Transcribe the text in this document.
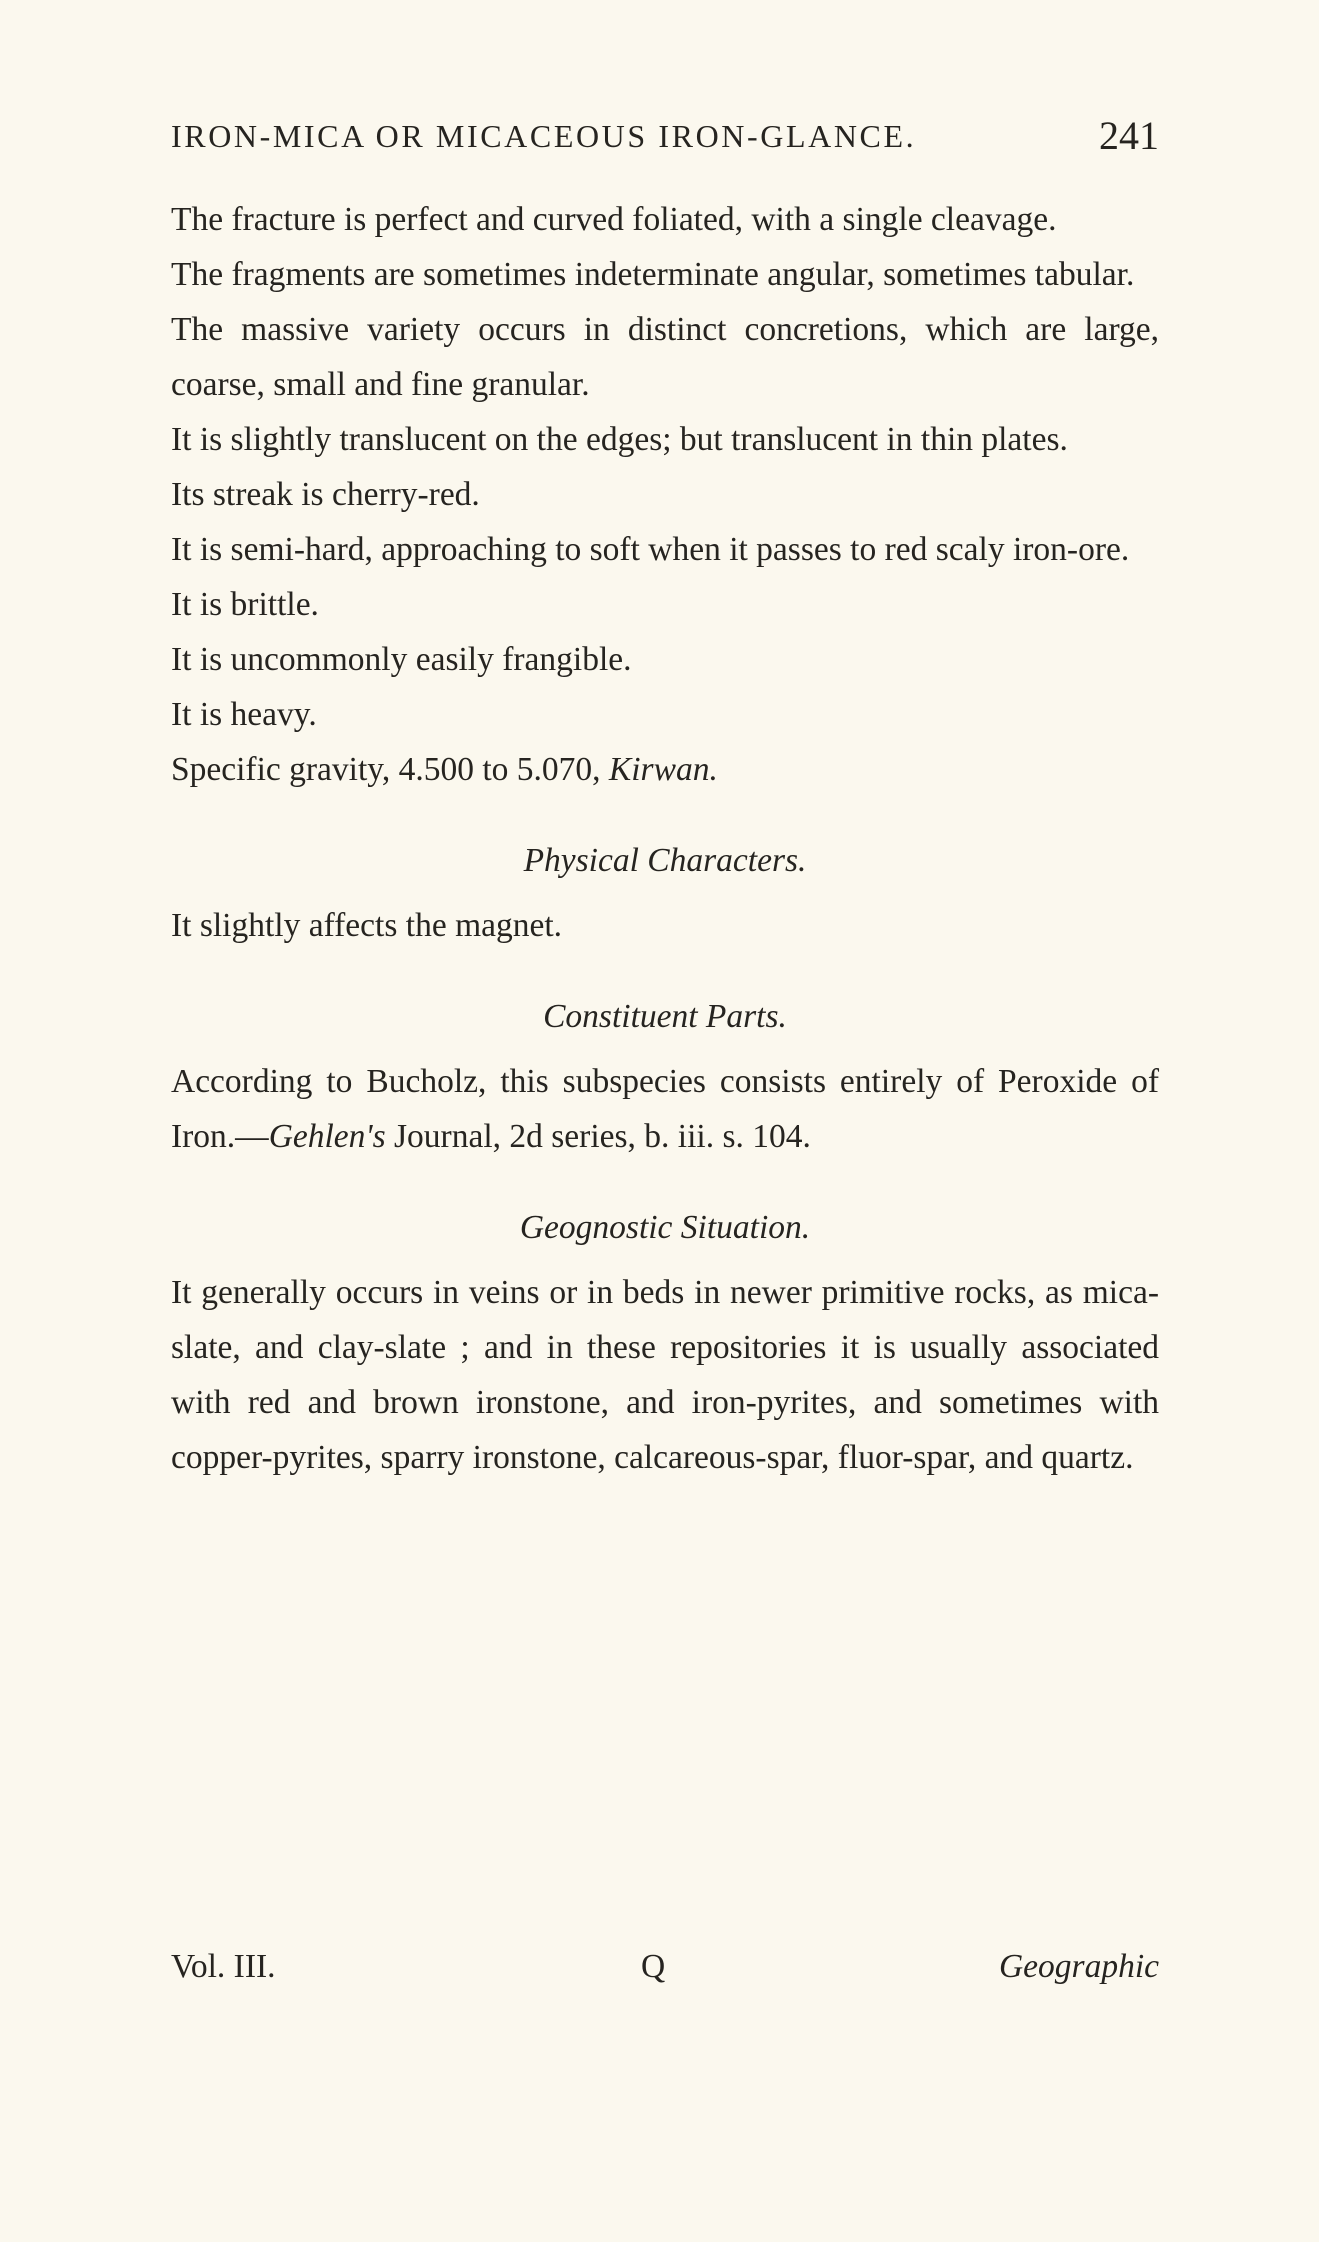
IRON-MICA OR MICACEOUS IRON-GLANCE.	241

The fracture is perfect and curved foliated, with a single cleavage.

The fragments are sometimes indeterminate angular, sometimes tabular.

The massive variety occurs in distinct concretions, which are large, coarse, small and fine granular.

It is slightly translucent on the edges; but translucent in thin plates.

Its streak is cherry-red.

It is semi-hard, approaching to soft when it passes to red scaly iron-ore.

It is brittle.

It is uncommonly easily frangible.

It is heavy.

Specific gravity, 4.500 to 5.070, Kirwan.

Physical Characters.

It slightly affects the magnet.

Constituent Parts.

According to Bucholz, this subspecies consists entirely of Peroxide of Iron.—Gehlen's Journal, 2d series, b. iii. s. 104.

Geognostic Situation.

It generally occurs in veins or in beds in newer primitive rocks, as mica-slate, and clay-slate ; and in these repositories it is usually associated with red and brown ironstone, and iron-pyrites, and sometimes with copper-pyrites, sparry ironstone, calcareous-spar, fluor-spar, and quartz.

Vol. III.	Q	Geographic
